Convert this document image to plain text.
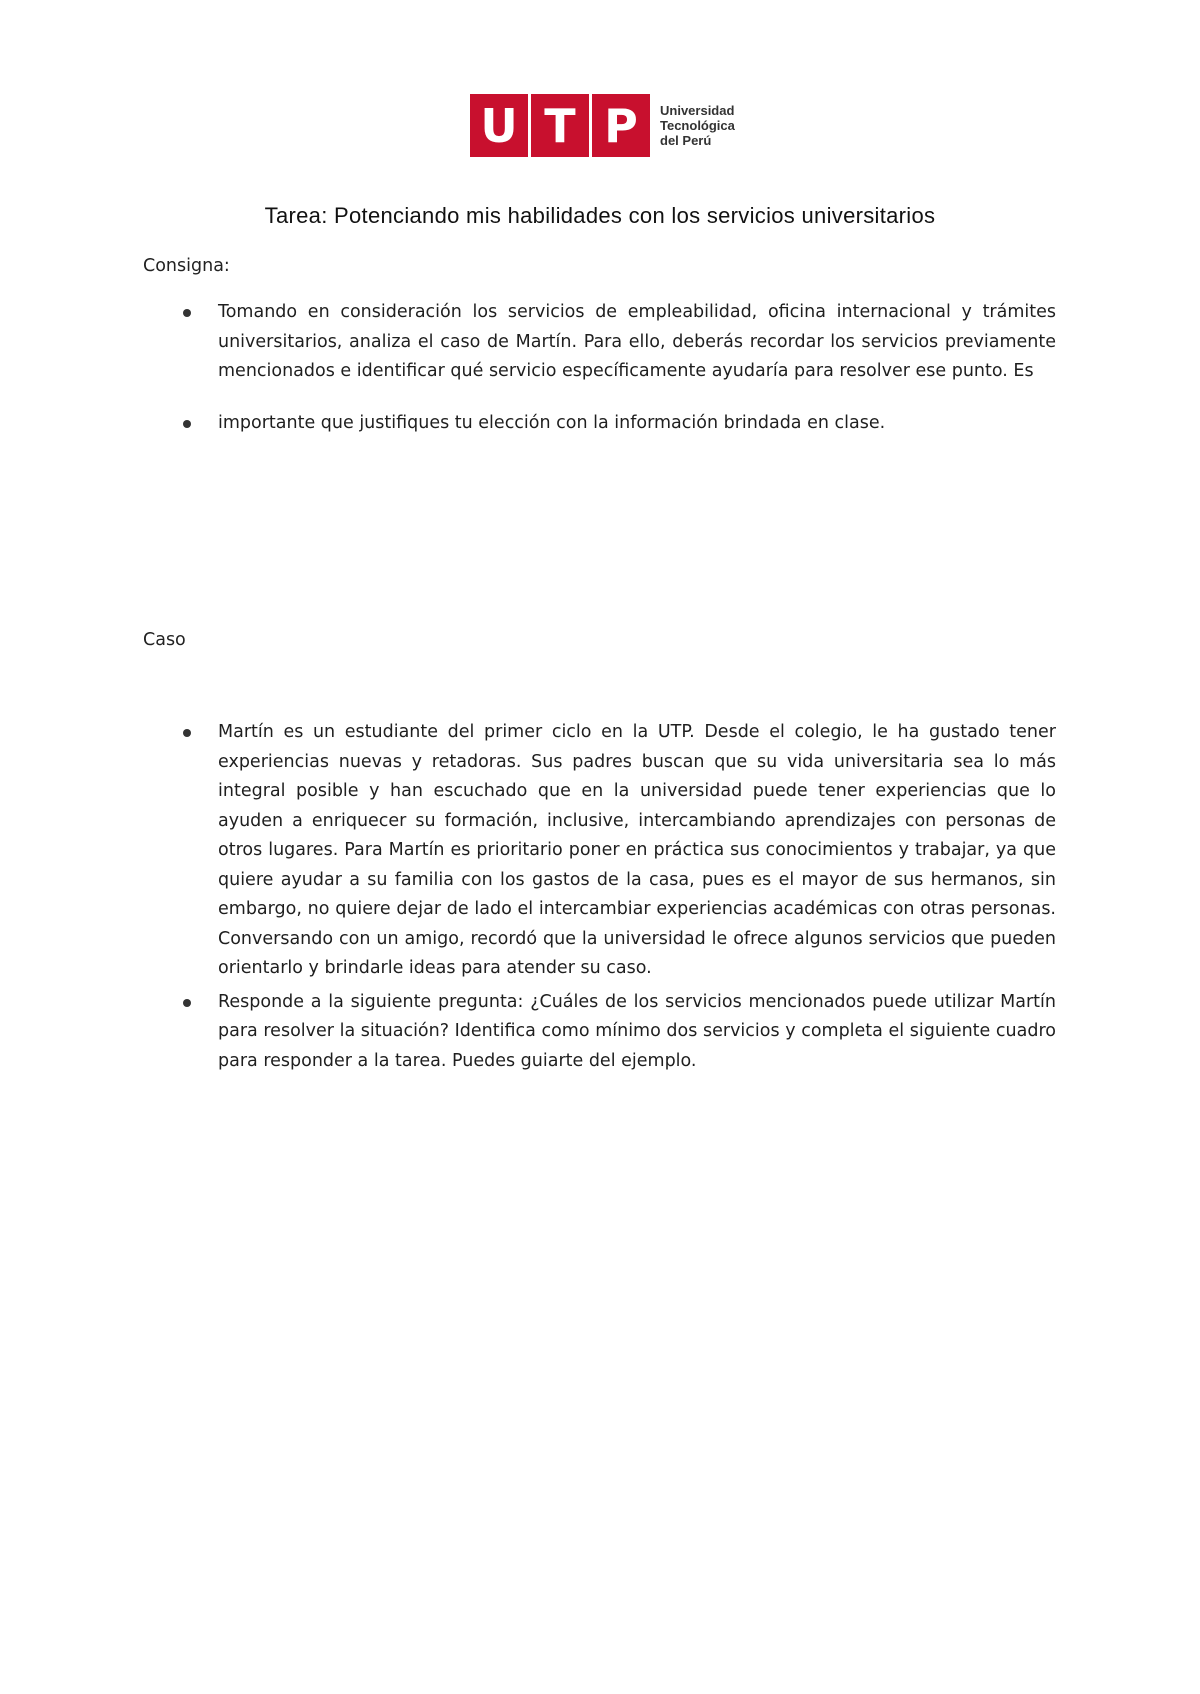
U T P	Universidad
Tecnológica
del Perú
Tarea: Potenciando mis habilidades con los servicios universitarios
Consigna:
Tomando en consideración los servicios de empleabilidad, oficina internacional y trámites universitarios, analiza el caso de Martín. Para ello, deberás recordar los servicios previamente mencionados e identificar qué servicio específicamente ayudaría para resolver ese punto. Es
importante que justifiques tu elección con la información brindada en clase.
Caso
Martín es un estudiante del primer ciclo en la UTP. Desde el colegio, le ha gustado tener experiencias nuevas y retadoras. Sus padres buscan que su vida universitaria sea lo más integral posible y han escuchado que en la universidad puede tener experiencias que lo ayuden a enriquecer su formación, inclusive, intercambiando aprendizajes con personas de otros lugares. Para Martín es prioritario poner en práctica sus conocimientos y trabajar, ya que quiere ayudar a su familia con los gastos de la casa, pues es el mayor de sus hermanos, sin embargo, no quiere dejar de lado el intercambiar experiencias académicas con otras personas. Conversando con un amigo, recordó que la universidad le ofrece algunos servicios que pueden orientarlo y brindarle ideas para atender su caso.
Responde a la siguiente pregunta: ¿Cuáles de los servicios mencionados puede utilizar Martín para resolver la situación? Identifica como mínimo dos servicios y completa el siguiente cuadro para responder a la tarea. Puedes guiarte del ejemplo.
